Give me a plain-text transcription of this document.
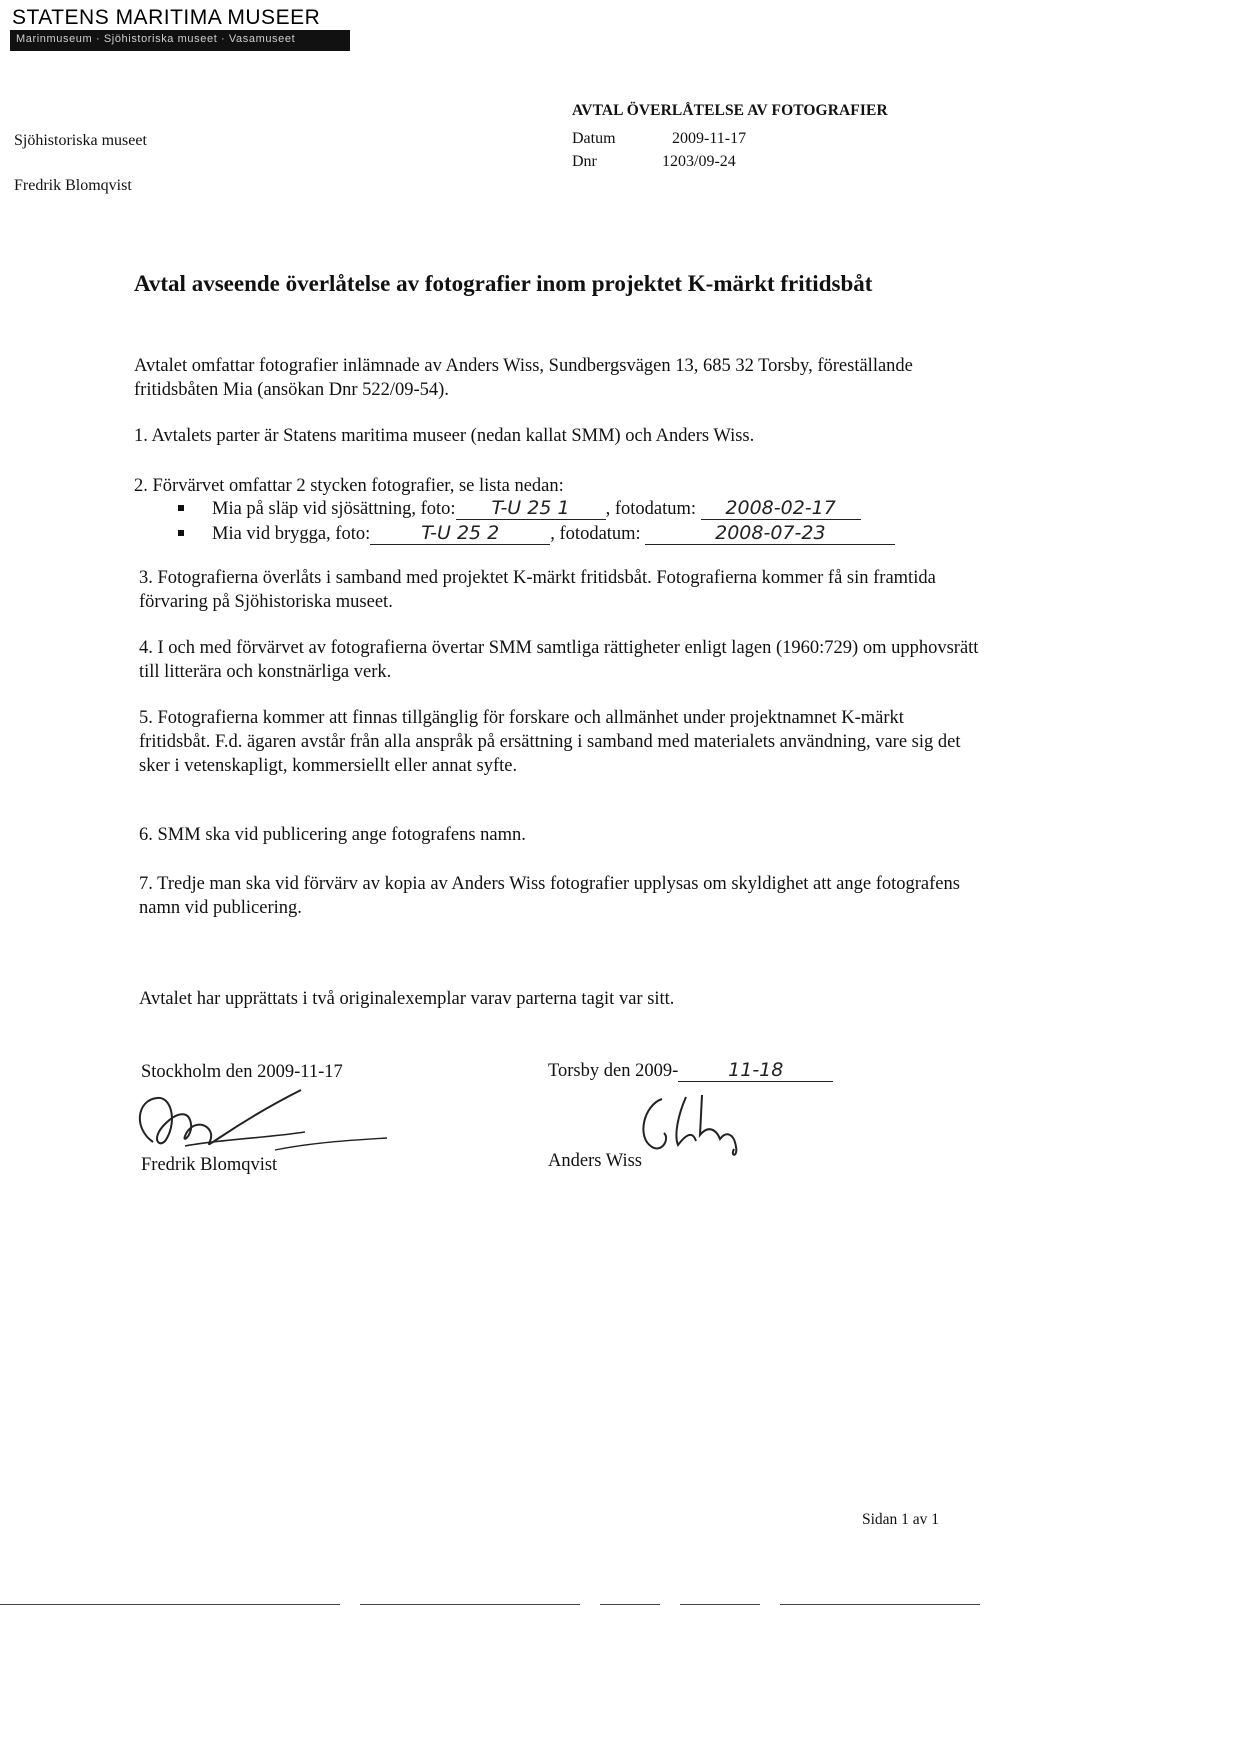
STATENS MARITIMA MUSEER
Marinmuseum · Sjöhistoriska museet · Vasamuseet
Sjöhistoriska museet
Fredrik Blomqvist
AVTAL ÖVERLÅTELSE AV FOTOGRAFIER
Datum	2009-11-17
Dnr	1203/09-24
Avtal avseende överlåtelse av fotografier inom projektet K-märkt fritidsbåt
Avtalet omfattar fotografier inlämnade av Anders Wiss, Sundbergsvägen 13, 685 32 Torsby, föreställande fritidsbåten Mia (ansökan Dnr 522/09-54).
1. Avtalets parter är Statens maritima museer (nedan kallat SMM) och Anders Wiss.
2. Förvärvet omfattar 2 stycken fotografier, se lista nedan:
Mia på släp vid sjösättning, foto: T-U 25 1 , fotodatum: 2008-02-17
Mia vid brygga, foto:	T-U 25 2	, fotodatum:	2008-07-23
3. Fotografierna överlåts i samband med projektet K-märkt fritidsbåt. Fotografierna kommer få sin framtida förvaring på Sjöhistoriska museet.
4. I och med förvärvet av fotografierna övertar SMM samtliga rättigheter enligt lagen (1960:729) om upphovsrätt till litterära och konstnärliga verk.
5. Fotografierna kommer att finnas tillgänglig för forskare och allmänhet under projektnamnet K-märkt fritidsbåt. F.d. ägaren avstår från alla anspråk på ersättning i samband med materialets användning, vare sig det sker i vetenskapligt, kommersiellt eller annat syfte.
6. SMM ska vid publicering ange fotografens namn.
7. Tredje man ska vid förvärv av kopia av Anders Wiss fotografier upplysas om skyldighet att ange fotografens namn vid publicering.
Avtalet har upprättats i två originalexemplar varav parterna tagit var sitt.
Stockholm den 2009-11-17
Fredrik Blomqvist
Torsby den 2009-	11-18
Anders Wiss
Sidan 1 av 1
